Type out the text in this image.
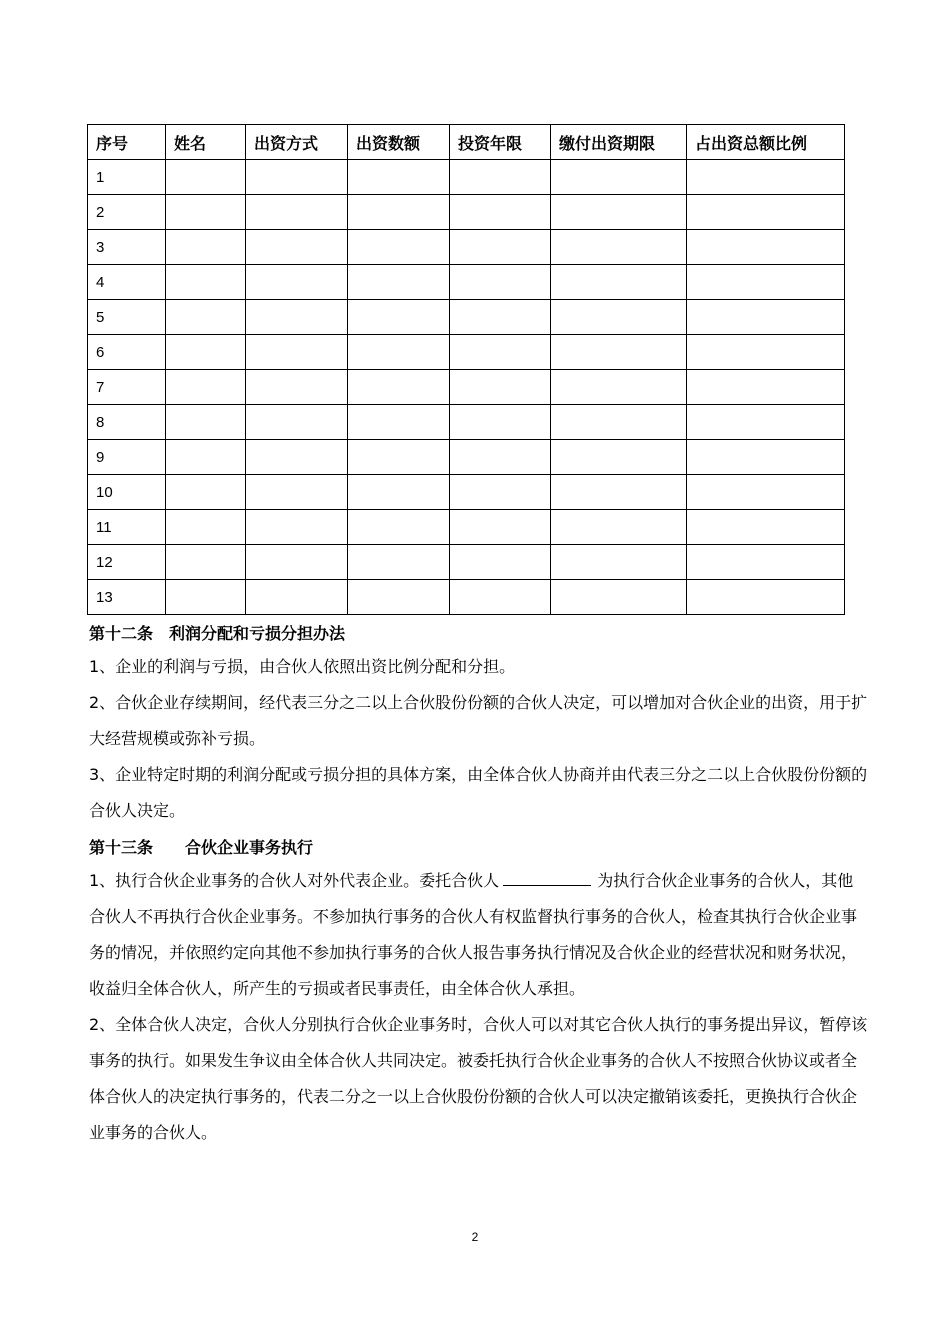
序号	姓名	出资方式	出资数额	投资年限	缴付出资期限	占出资总额比例
1						
2						
3						
4						
5						
6						
7						
8						
9						
10						
11						
12						
13						
第十二条　利润分配和亏损分担办法

1、企业的利润与亏损，由合伙人依照出资比例分配和分担。

2、合伙企业存续期间，经代表三分之二以上合伙股份份额的合伙人决定，可以增加对合伙企业的出资，用于扩大经营规模或弥补亏损。

3、企业特定时期的利润分配或亏损分担的具体方案，由全体合伙人协商并由代表三分之二以上合伙股份份额的合伙人决定。

第十三条　　合伙企业事务执行

1、执行合伙企业事务的合伙人对外代表企业。委托合伙人	为执行合伙企业事务的合伙人，其他合伙人不再执行合伙企业事务。不参加执行事务的合伙人有权监督执行事务的合伙人，检查其执行合伙企业事务的情况，并依照约定向其他不参加执行事务的合伙人报告事务执行情况及合伙企业的经营状况和财务状况，收益归全体合伙人，所产生的亏损或者民事责任，由全体合伙人承担。

2、全体合伙人决定，合伙人分别执行合伙企业事务时，合伙人可以对其它合伙人执行的事务提出异议，暂停该事务的执行。如果发生争议由全体合伙人共同决定。被委托执行合伙企业事务的合伙人不按照合伙协议或者全体合伙人的决定执行事务的，代表二分之一以上合伙股份份额的合伙人可以决定撤销该委托，更换执行合伙企业事务的合伙人。

2
